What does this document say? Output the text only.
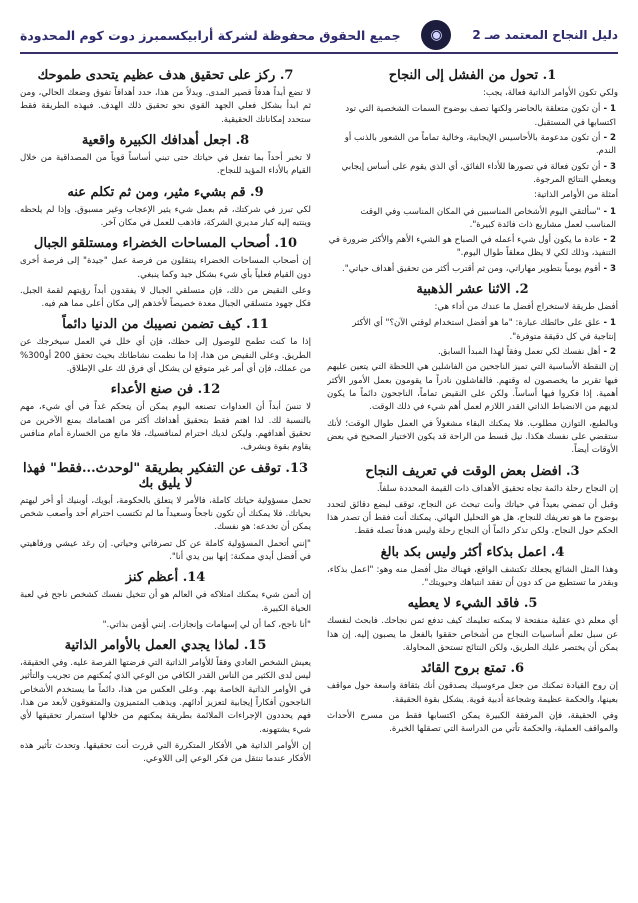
دليل النجاح المعتمد صـ 2
◉
جميع الحقوق محفوظة لشركة أرابيكسمبرز دوت كوم المحدودة
1. تحول من الفشل إلى النجاح
ولكي تكون الأوامر الذاتية فعالة، يجب:
1 -أن تكون متعلقة بالحاضر ولكنها تصف بوضوح السمات الشخصية التي تود اكتسابها في المستقبل.
2 -أن تكون مدعومة بالأحاسيس الإيجابية، وخالية تماماً من الشعور بالذنب أو الندم.
3 -أن تكون فعالة في تصورها للأداء الفائق، أي الذي يقوم على أساس إيجابي ويعطي النتائج المرجوة.
أمثلة من الأوامر الذاتية:
1 -"سألتقي اليوم الأشخاص المناسبين في المكان المناسب وفي الوقت المناسب لعمل مشاريع ذات فائدة كبيرة".
2 -عادة ما يكون أول شيء أعمله في الصباح هو الشيء الأهم والأكثر ضرورة في التنفيذ، وذلك لكي لا يظل معلقاً طوال اليوم."
3 -أقوم يومياً بتطوير مهاراتي، ومن ثم أقترب أكثر من تحقيق أهداف حياتي".
2. الاثنا عشر الذهبية
أفضل طريقة لاستخراج أفضل ما عندك من أداء هي:
1 -علق على حائطك عبارة: "ما هو أفضل استخدام لوقتي الآن؟" أي الأكثر إنتاجية في كل دقيقة متوفرة".
2 -أهل نفسك لكي تعمل وفقاً لهذا المبدأ السابق.
إن النقطة الأساسية التي تميز الناجحين من الفاشلين هي اللحظة التي يتعين عليهم فيها تقرير ما يخصصون له وقتهم. فالفاشلون نادراً ما يقومون بعمل الأمور الأكثر أهمية. إذا فكروا فيها أساساً. ولكن على النقيض تماماً، الناجحون دائماً ما يكون لديهم من الانضباط الذاتي القدر اللازم لعمل أهم شيء في ذلك الوقت.
وبالطبع، التوازن مطلوب. فلا يمكنك البقاء مشغولاً في العمل طوال الوقت؛ لأنك ستقضي على نفسك هكذا. نيل قسط من الراحة قد يكون الاختيار الصحيح في بعض الأوقات أيضاً.
3. افضل بعض الوقت في تعريف النجاح
إن النجاح رحلة دائمة تجاه تحقيق الأهداف ذات القيمة المحددة سلفاً.
وقبل أن تمضي بعيداً في حياتك وأنت تبحث عن النجاح، توقف لبضع دقائق لتحدد بوضوح ما هو تعريفك للنجاح، هل هو التحليل النهائي. يمكنك أنت فقط أن تصدر هذا الحكم حول النجاح. ولكن تذكر دائماً أن النجاح رحلة وليس هدفاً تصله فقط.
4. اعمل بذكاء أكثر وليس بكد بالغ
وهذا المثل الشائع يجعلك تكتشف الواقع، فهناك مثل أفضل منه وهو: "اعمل بذكاء، وبقدر ما تستطيع من كد دون أن تفقد انتباهك وحيويتك".
5. فاقد الشيء لا يعطيه
أي معلم ذي عقلية منفتحة لا يمكنه تعليمك كيف تدفع ثمن نجاحك. فابحث لنفسك عن سبل تعلم أساسيات النجاح من أشخاص حققوا بالفعل ما يصبون إليه. إن هذا يمكن أن يختصر عليك الطريق، ولكن النتائج تستحق المحاولة.
6. تمتع بروح القائد
إن روح القيادة تمكنك من جعل مرءوسيك يصدقون أنك بثقافة واسعة حول مواقف بعينها، والحكمة عظيمة وشجاعة أدبية قوية. يشكل بقوة الحقيقة.
وفي الحقيقة، فإن المرفقة الكبيرة يمكن اكتسابها فقط من مسرح الأحداث والمواقف العملية، والحكمة تأتي من الدراسة التي تصقلها الخبرة.
7. ركز على تحقيق هدف عظيم يتحدى طموحك
لا تضع أبداً هدفاً قصير المدى. وبدلاً من هذا، حدد أهدافاً تفوق وضعك الحالي، ومن ثم ابدأ بشكل فعلي الجهد القوي نحو تحقيق ذلك الهدف. فبهذه الطريقة فقط ستحدد إمكاناتك الحقيقية.
8. اجعل أهدافك الكبيرة واقعية
لا تخبر أحداً بما تفعل في حياتك حتى تبني أساساً قوياً من المصداقية من خلال القيام بالأداء المؤيد للنجاح.
9. قم بشيء مثير، ومن ثم تكلم عنه
لكي تبرز في شركتك، قم بعمل شيء يثير الإعجاب وغير مسبوق. وإذا لم يلحظه وينتبه إليه كبار مديري الشركة، فاذهب للعمل في مكان آخر.
10. أصحاب المساحات الخضراء ومستلقو الجبال
إن أصحاب المساحات الخضراء ينتقلون من فرصة عمل "جيدة" إلى فرصة أخرى دون القيام فعلياً بأي شيء بشكل جيد وكما ينبغي.
وعلى النقيض من ذلك، فإن متسلقي الجبال لا يفقدون أبداً رؤيتهم لقمة الجبل. فكل جهود متسلقي الجبال معدة خصيصاً لأخذهم إلى مكان أعلى مما هم فيه.
11. كيف تضمن نصيبك من الدنيا دائماً
إذا ما كنت تطمح للوصول إلى حظك، فإن أي خلل في العمل سيخرجك عن الطريق. وعلى النقيض من هذا، إذا ما نظمت نشاطاتك بحيث تحقق 200 أو300% من عملك، فإن أي أمر غير متوقع لن يشكل أي فرق لك على الإطلاق.
12. فن صنع الأعداء
لا تنسَ أبداً أن العداوات تصنعه اليوم يمكن أن يتحكم غداً في أي شيء، مهم بالنسبة لك. لذا اهتم فقط بتحقيق أهدافك أكثر من اهتمامك بمنع الآخرين من تحقيق أهدافهم. وليكن لديك احترام لمنافسيك، فلا مانع من الخسارة أمام منافس يقاوم بقوة وبشرف.
13. توقف عن التفكير بطريقة "لوحدث...فقط" فهذا لا يليق بك
تحمل مسؤولية حياتك كاملة، فالأمر لا يتعلق بالحكومة، أبويك، أوبنيك أو أخر ليهتم بحياتك. فلا يمكنك أن تكون ناجحاً وسعيداً ما لم تكتسب احترام أحد وأصعب شخص يمكن أن تخدعه: هو نفسك.
"إنني أتحمل المسؤولية كاملة عن كل تصرفاتي وحياتي. إن رغد عيشي ورفاهيتي في أفضل أيدي ممكنة: إنها بين يدي أنا".
14. أعظم كنز
إن أثمن شيء يمكنك امتلاكه في العالم هو أن تتخيل نفسك كشخص ناجح في لعبة الحياة الكبيرة.
"أنا ناجح، كما أن لي إسهامات وإنجازات. إنني أؤمن بذاتي."
15. لماذا يجدي العمل بالأوامر الذاتية
يعيش الشخص العادي وفقاً للأوامر الذاتية التي فرضتها الفرصة عليه. وفي الحقيقة، ليس لدى الكثير من الناس القدر الكافي من الوعي الذي يُمكنهم من تجريب والتأثير في الأوامر الذاتية الخاصة بهم. وعلى العكس من هذا، دائماً ما يستخدم الأشخاص الناجحون أفكاراً إيجابية لتعزيز أدائهم. ويذهب المتميزون والمتفوقون لأبعد من هذا، فهم يحددون الإجراءات الملائمة بطريقة يمكنهم من خلالها استمرار تحقيقها لأي شيء يشتهونه.
إن الأوامر الذاتية هي الأفكار المتكررة التي قررت أنت تحقيقها. وتحدث تأثير هذه الأفكار عندما تنتقل من فكر الوعي إلى اللاوعي.
